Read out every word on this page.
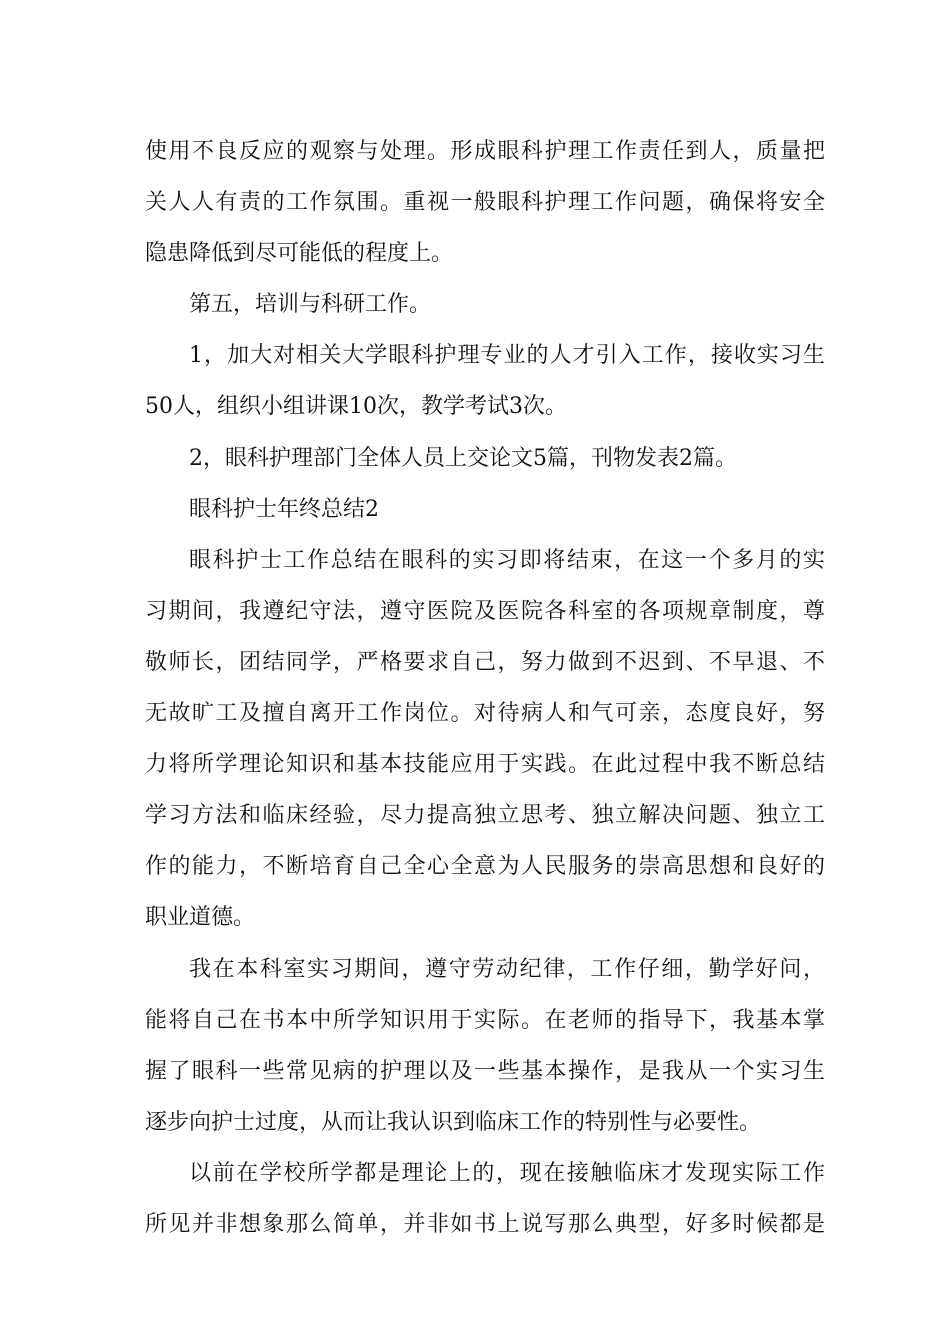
使用不良反应的观察与处理。形成眼科护理工作责任到人，质量把
关人人有责的工作氛围。重视一般眼科护理工作问题，确保将安全
隐患降低到尽可能低的程度上。
第五，培训与科研工作。
1，加大对相关大学眼科护理专业的人才引入工作，接收实习生
50人，组织小组讲课10次，教学考试3次。
2，眼科护理部门全体人员上交论文5篇，刊物发表2篇。
眼科护士年终总结2
眼科护士工作总结在眼科的实习即将结束，在这一个多月的实
习期间，我遵纪守法，遵守医院及医院各科室的各项规章制度，尊
敬师长，团结同学，严格要求自己，努力做到不迟到、不早退、不
无故旷工及擅自离开工作岗位。对待病人和气可亲，态度良好，努
力将所学理论知识和基本技能应用于实践。在此过程中我不断总结
学习方法和临床经验，尽力提高独立思考、独立解决问题、独立工
作的能力，不断培育自己全心全意为人民服务的崇高思想和良好的
职业道德。
我在本科室实习期间，遵守劳动纪律，工作仔细，勤学好问，
能将自己在书本中所学知识用于实际。在老师的指导下，我基本掌
握了眼科一些常见病的护理以及一些基本操作，是我从一个实习生
逐步向护士过度，从而让我认识到临床工作的特别性与必要性。
以前在学校所学都是理论上的，现在接触临床才发现实际工作
所见并非想象那么简单，并非如书上说写那么典型，好多时候都是
